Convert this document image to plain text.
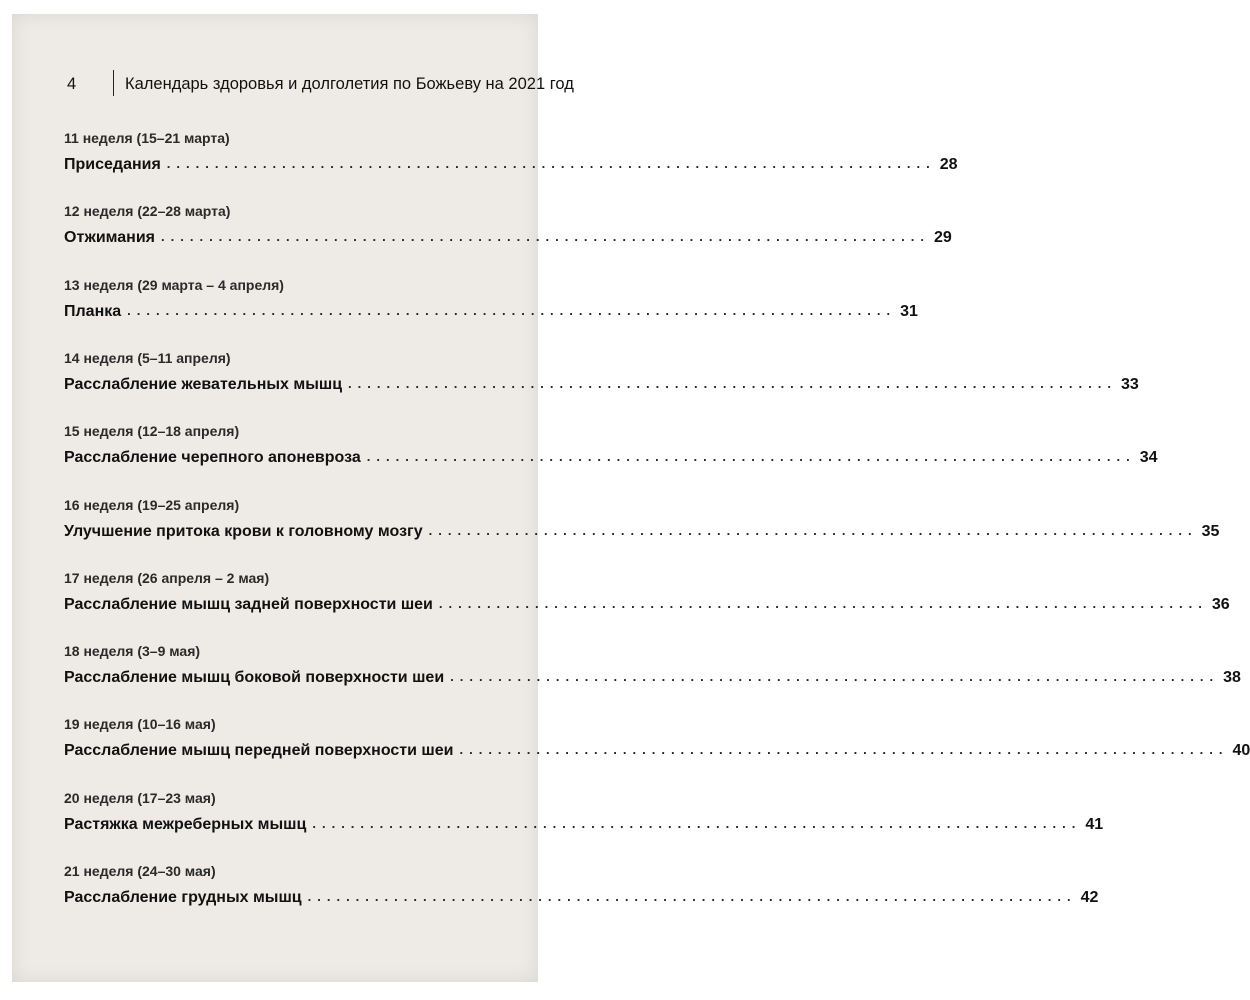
4	Календарь здоровья и долголетия по Божьеву на 2021 год
11 неделя (15–21 марта)
Приседания ................................................................................ 28
12 неделя (22–28 марта)
Отжимания ................................................................................ 29
13 неделя (29 марта – 4 апреля)
Планка ................................................................................ 31
14 неделя (5–11 апреля)
Расслабление жевательных мышц ................................................................................ 33
15 неделя (12–18 апреля)
Расслабление черепного апоневроза ................................................................................ 34
16 неделя (19–25 апреля)
Улучшение притока крови к головному мозгу ................................................................................ 35
17 неделя (26 апреля – 2 мая)
Расслабление мышц задней поверхности шеи ................................................................................ 36
18 неделя (3–9 мая)
Расслабление мышц боковой поверхности шеи ................................................................................ 38
19 неделя (10–16 мая)
Расслабление мышц передней поверхности шеи ................................................................................ 40
20 неделя (17–23 мая)
Растяжка межреберных мышц ................................................................................ 41
21 неделя (24–30 мая)
Расслабление грудных мышц ................................................................................ 42
